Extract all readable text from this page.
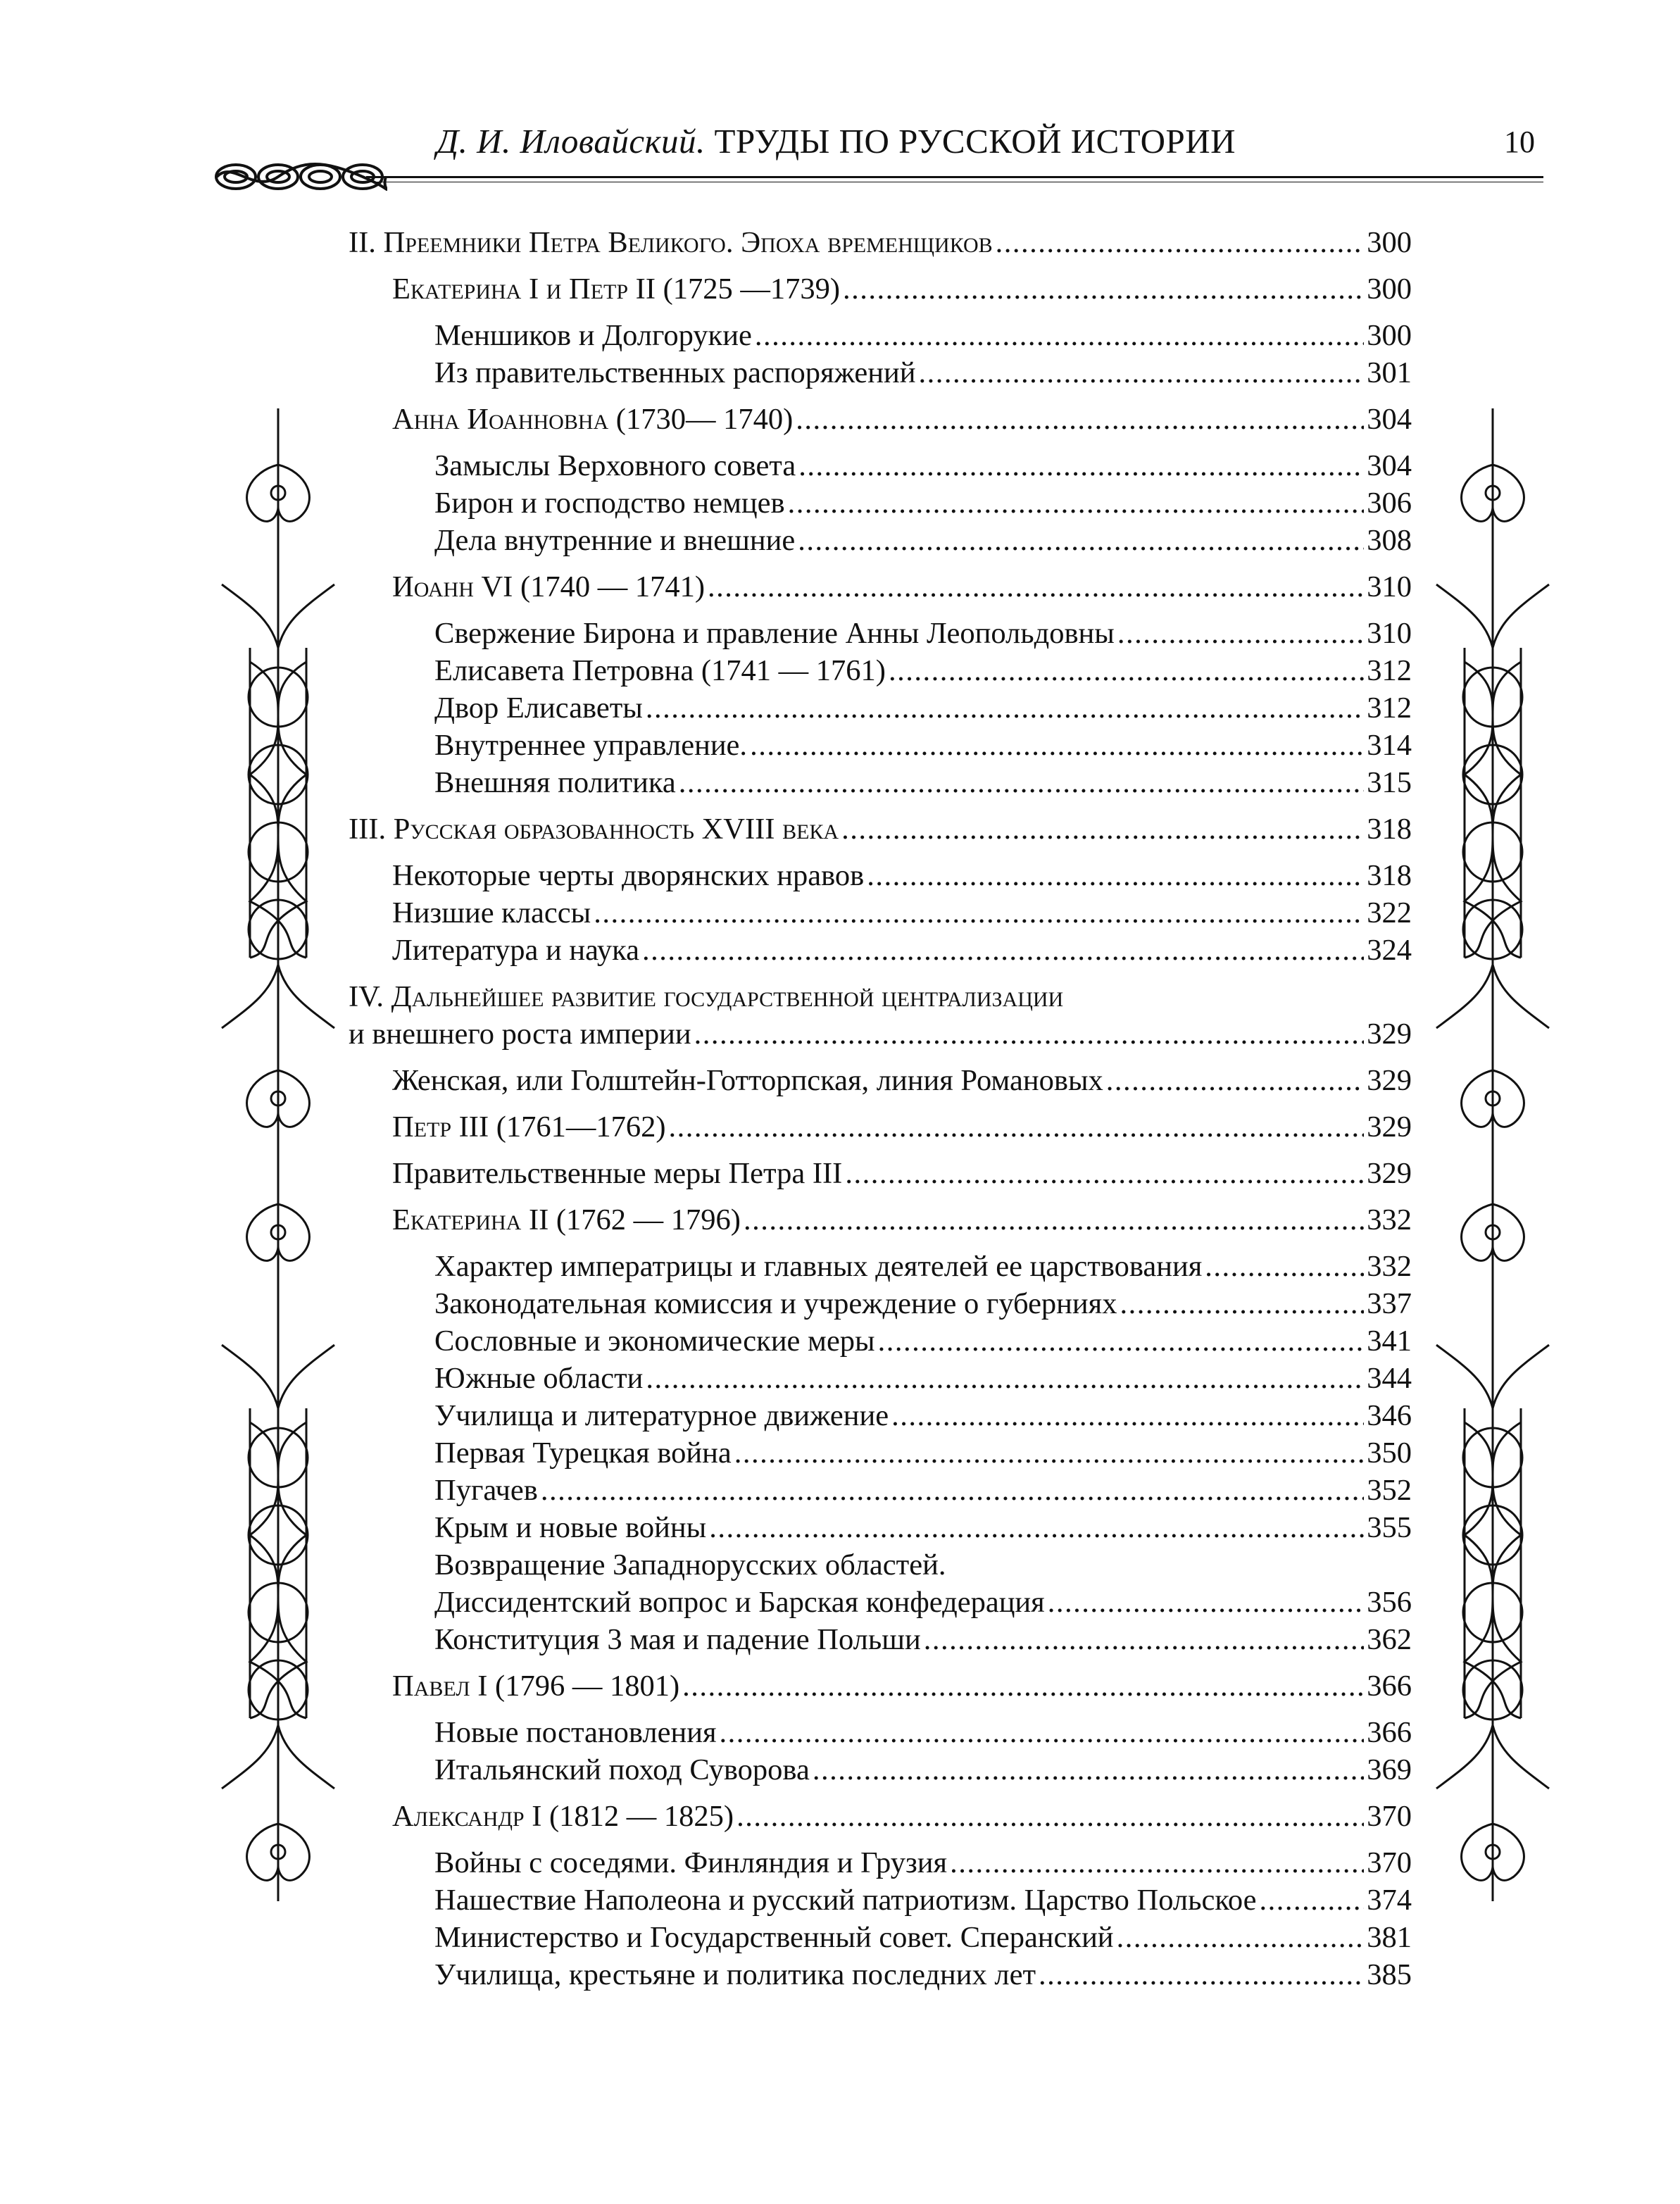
Д. И. Иловайский. ТРУДЫ ПО РУССКОЙ ИСТОРИИ	10
II. Преемники Петра Великого. Эпоха временщиков .....	300
Екатерина I и Петр II (1725 —1739) .....	300
Меншиков и Долгорукие .....	300
Из правительственных распоряжений .....	301
Анна Иоанновна (1730— 1740) .....	304
Замыслы Верховного совета .....	304
Бирон и господство немцев .....	306
Дела внутренние и внешние .....	308
Иоанн VI (1740 — 1741) .....	310
Свержение Бирона и правление Анны Леопольдовны .....	310
Елисавета Петровна (1741 — 1761) .....	312
Двор Елисаветы .....	312
Внутреннее управление. .....	314
Внешняя политика .....	315
III. Русская образованность XVIII века .....	318
Некоторые черты дворянских нравов .....	318
Низшие классы .....	322
Литература и наука .....	324
IV. Дальнейшее развитие государственной централизации
и внешнего роста империи .....	329
Женская, или Голштейн-Готторпская, линия Романовых .....	329
Петр III (1761—1762) .....	329
Правительственные меры Петра III .....	329
Екатерина II (1762 — 1796) .....	332
Характер императрицы и главных деятелей ее царствования .....	332
Законодательная комиссия и учреждение о губерниях .....	337
Сословные и экономические меры .....	341
Южные области .....	344
Училища и литературное движение .....	346
Первая Турецкая война .....	350
Пугачев .....	352
Крым и новые войны .....	355
Возвращение Западнорусских областей.
Диссидентский вопрос и Барская конфедерация .....	356
Конституция 3 мая и падение Польши .....	362
Павел I (1796 — 1801) .....	366
Новые постановления .....	366
Итальянский поход Суворова .....	369
Александр I (1812 — 1825) .....	370
Войны с соседями. Финляндия и Грузия .....	370
Нашествие Наполеона и русский патриотизм. Царство Польское .....	374
Министерство и Государственный совет. Сперанский .....	381
Училища, крестьяне и политика последних лет .....	385
